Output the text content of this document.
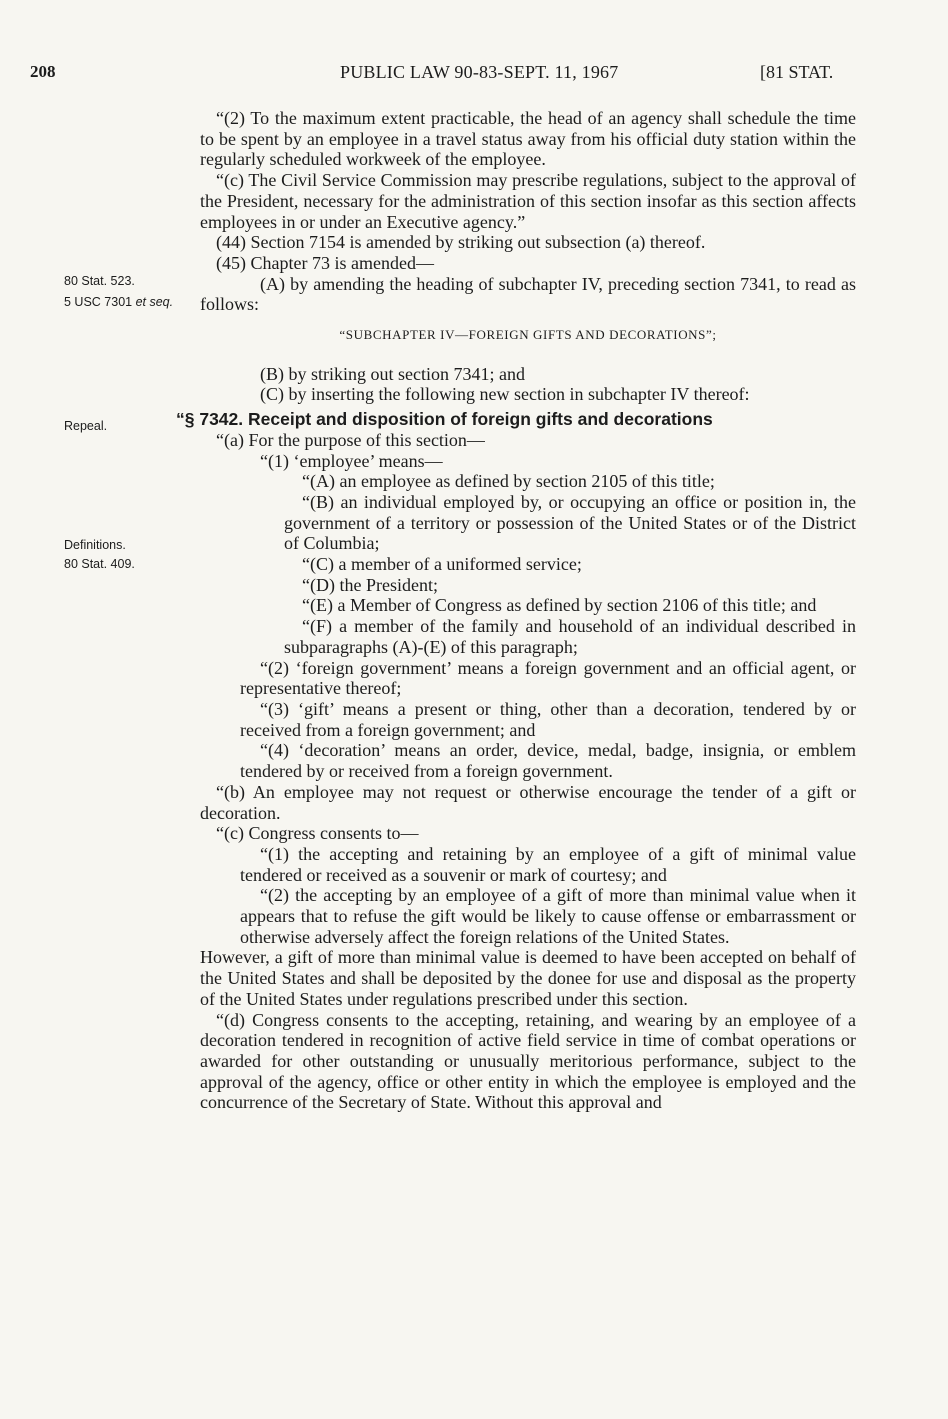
208	PUBLIC LAW 90-83-SEPT. 11, 1967	[81 STAT.
80 Stat. 523.
5 USC 7301 et seq.
Repeal.
Definitions.
80 Stat. 409.

“(2) To the maximum extent practicable, the head of an agency shall schedule the time to be spent by an employee in a travel status away from his official duty station within the regularly scheduled workweek of the employee.

“(c) The Civil Service Commission may prescribe regulations, subject to the approval of the President, necessary for the administration of this section insofar as this section affects employees in or under an Executive agency.”

(44) Section 7154 is amended by striking out subsection (a) thereof.

(45) Chapter 73 is amended—

(A) by amending the heading of subchapter IV, preceding section 7341, to read as follows:

“SUBCHAPTER IV—FOREIGN GIFTS AND DECORATIONS”;

(B) by striking out section 7341; and

(C) by inserting the following new section in subchapter IV thereof:

“§ 7342. Receipt and disposition of foreign gifts and decorations

“(a) For the purpose of this section—

“(1) ‘employee’ means—

“(A) an employee as defined by section 2105 of this title;

“(B) an individual employed by, or occupying an office or position in, the government of a territory or possession of the United States or of the District of Columbia;

“(C) a member of a uniformed service;

“(D) the President;

“(E) a Member of Congress as defined by section 2106 of this title; and

“(F) a member of the family and household of an individual described in subparagraphs (A)-(E) of this paragraph;

“(2) ‘foreign government’ means a foreign government and an official agent, or representative thereof;

“(3) ‘gift’ means a present or thing, other than a decoration, tendered by or received from a foreign government; and

“(4) ‘decoration’ means an order, device, medal, badge, insignia, or emblem tendered by or received from a foreign government.

“(b) An employee may not request or otherwise encourage the tender of a gift or decoration.

“(c) Congress consents to—

“(1) the accepting and retaining by an employee of a gift of minimal value tendered or received as a souvenir or mark of courtesy; and

“(2) the accepting by an employee of a gift of more than minimal value when it appears that to refuse the gift would be likely to cause offense or embarrassment or otherwise adversely affect the foreign relations of the United States.

However, a gift of more than minimal value is deemed to have been accepted on behalf of the United States and shall be deposited by the donee for use and disposal as the property of the United States under regulations prescribed under this section.

“(d) Congress consents to the accepting, retaining, and wearing by an employee of a decoration tendered in recognition of active field service in time of combat operations or awarded for other outstanding or unusually meritorious performance, subject to the approval of the agency, office or other entity in which the employee is employed and the concurrence of the Secretary of State. Without this approval and
